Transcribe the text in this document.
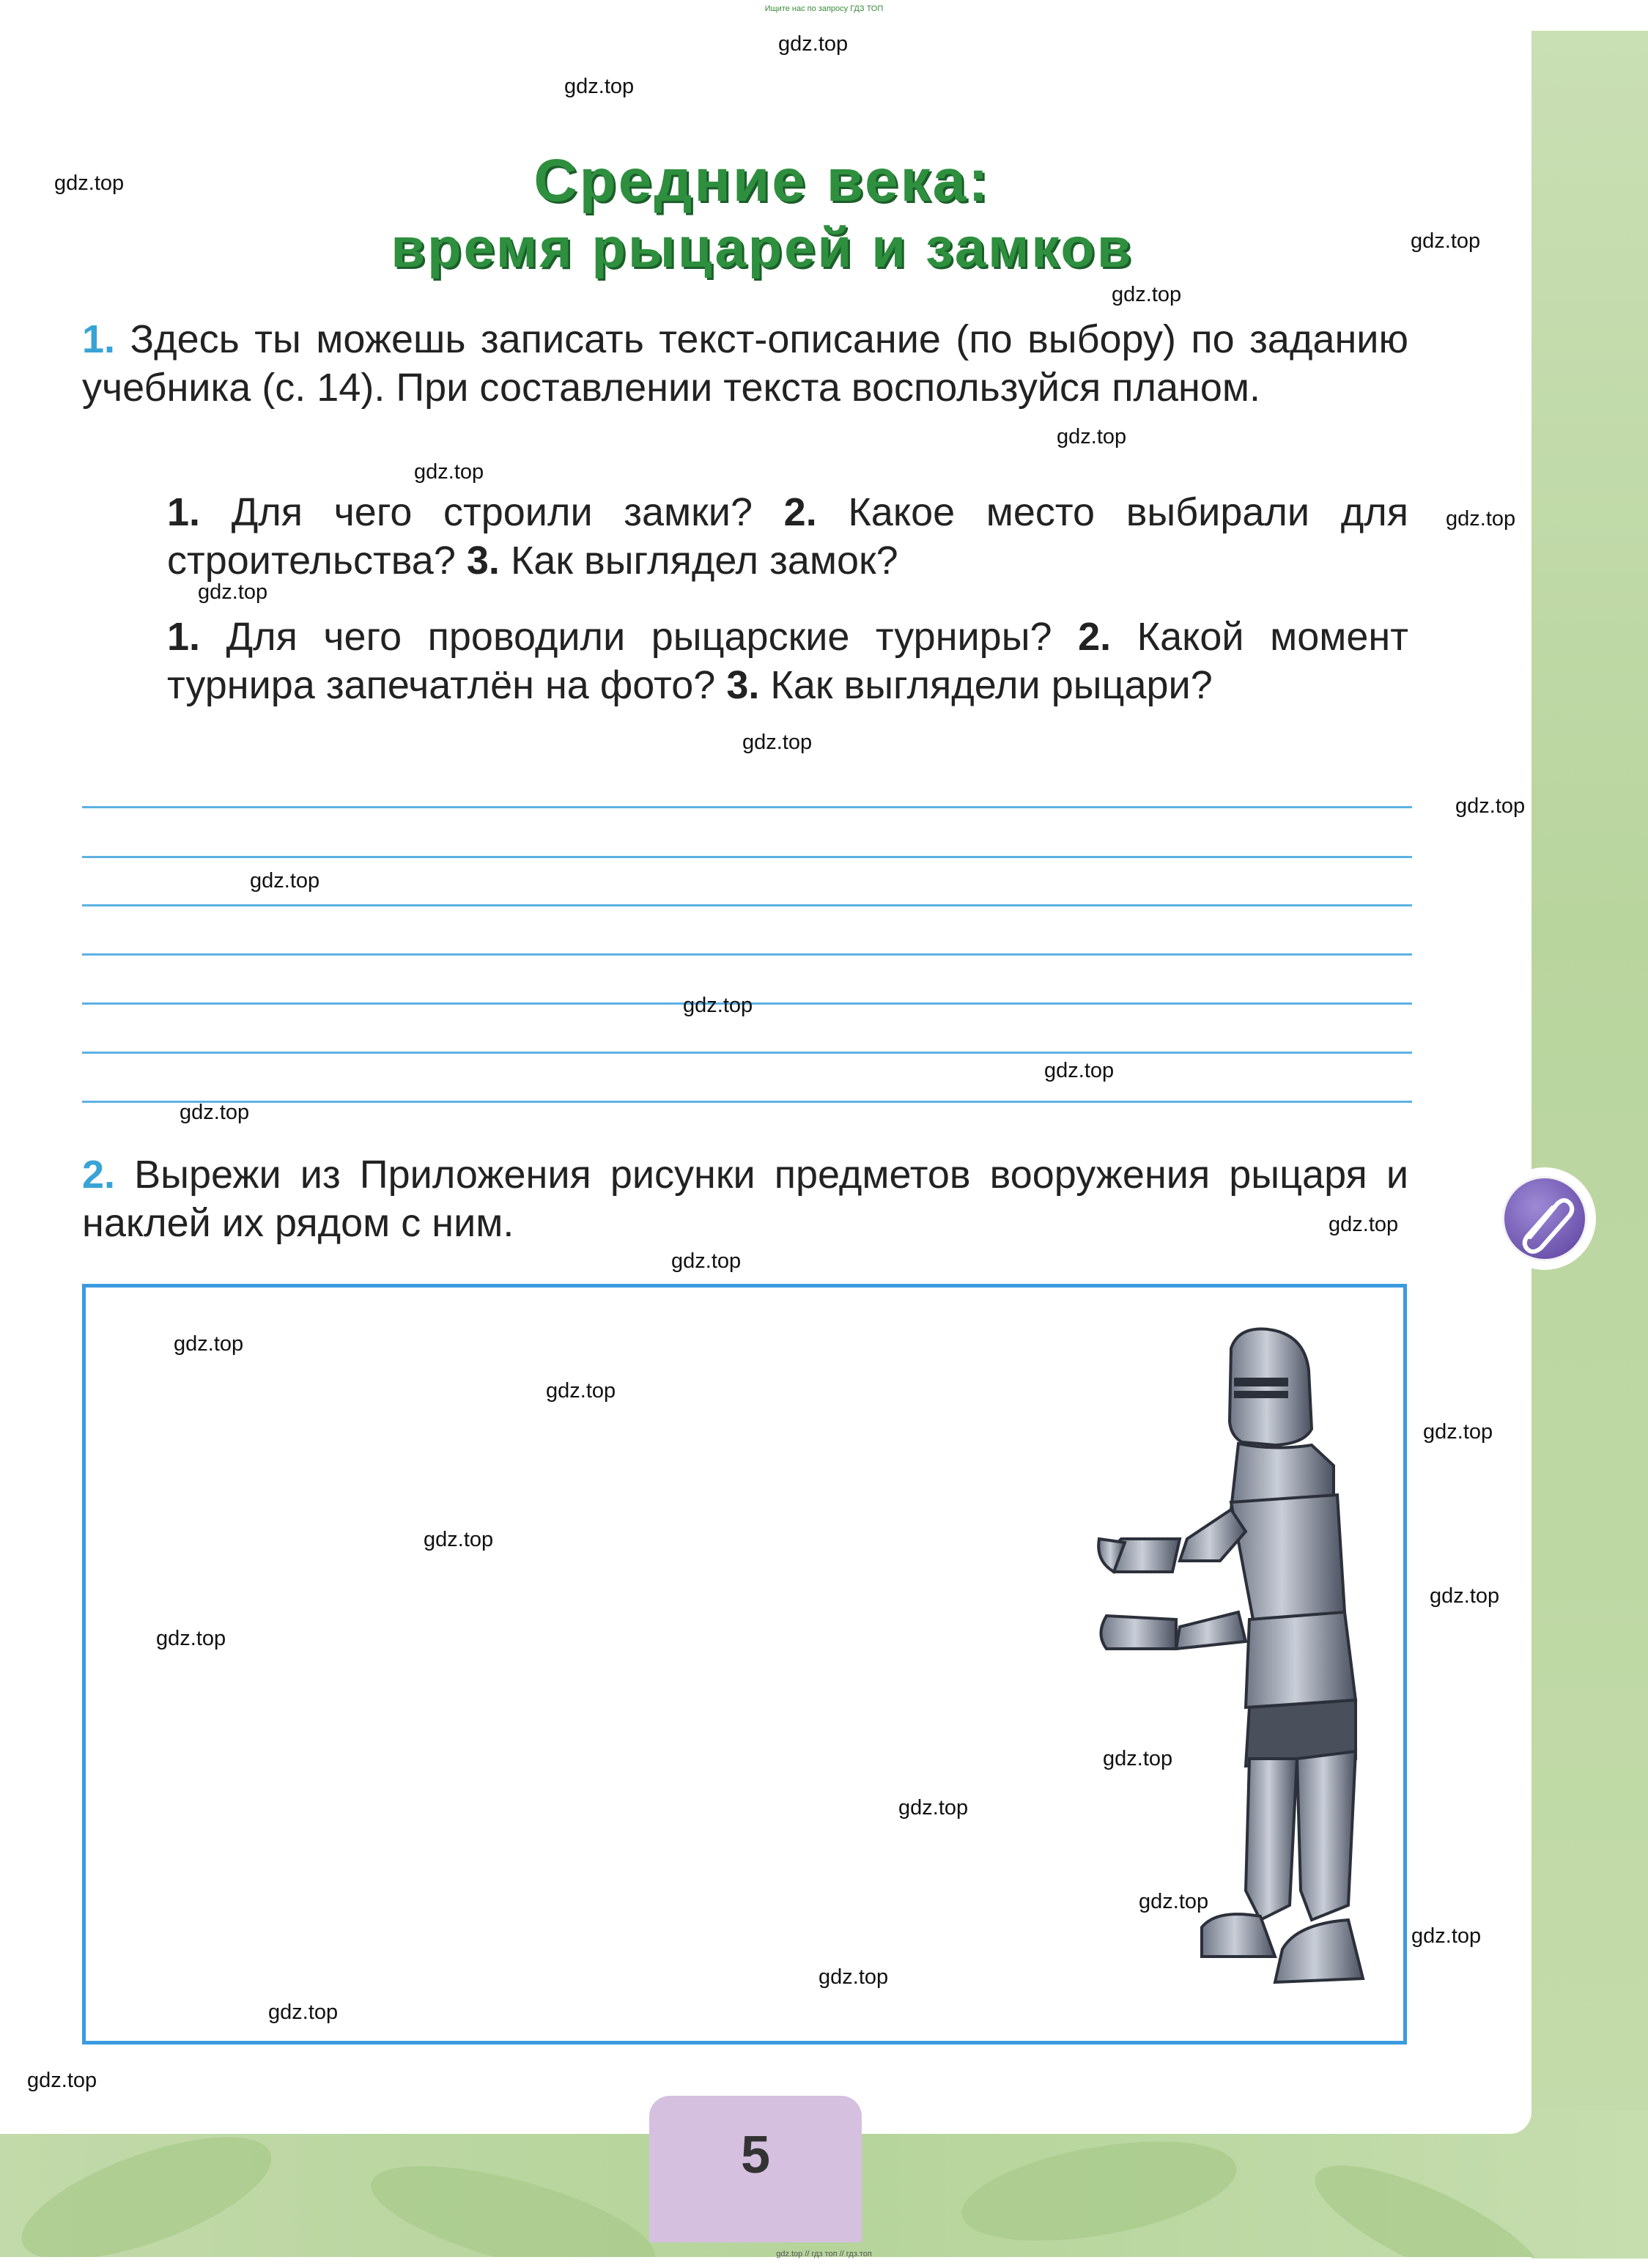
Ищите нас по запросу ГДЗ ТОП
Средние века:
время рыцарей и замков
1. Здесь ты можешь записать текст-описание (по выбору) по заданию учебника (с. 14). При составлении текста воспользуйся планом.
1. Для чего строили замки? 2. Какое место выбирали для строительства? 3. Как выглядел замок?
1. Для чего проводили рыцарские турниры? 2. Какой момент турнира запечатлён на фото? 3. Как выглядели рыцари?
2. Вырежи из Приложения рисунки предметов вооружения рыцаря и наклей их рядом с ним.
5
gdz.top
gdz.top
gdz.top
gdz.top
gdz.top
gdz.top
gdz.top
gdz.top
gdz.top
gdz.top
gdz.top
gdz.top
gdz.top
gdz.top
gdz.top
gdz.top
gdz.top
gdz.top
gdz.top
gdz.top
gdz.top
gdz.top
gdz.top
gdz.top
gdz.top
gdz.top
gdz.top
gdz.top
gdz.top
gdz.top
gdz.top // гдз топ // гдз.топ
